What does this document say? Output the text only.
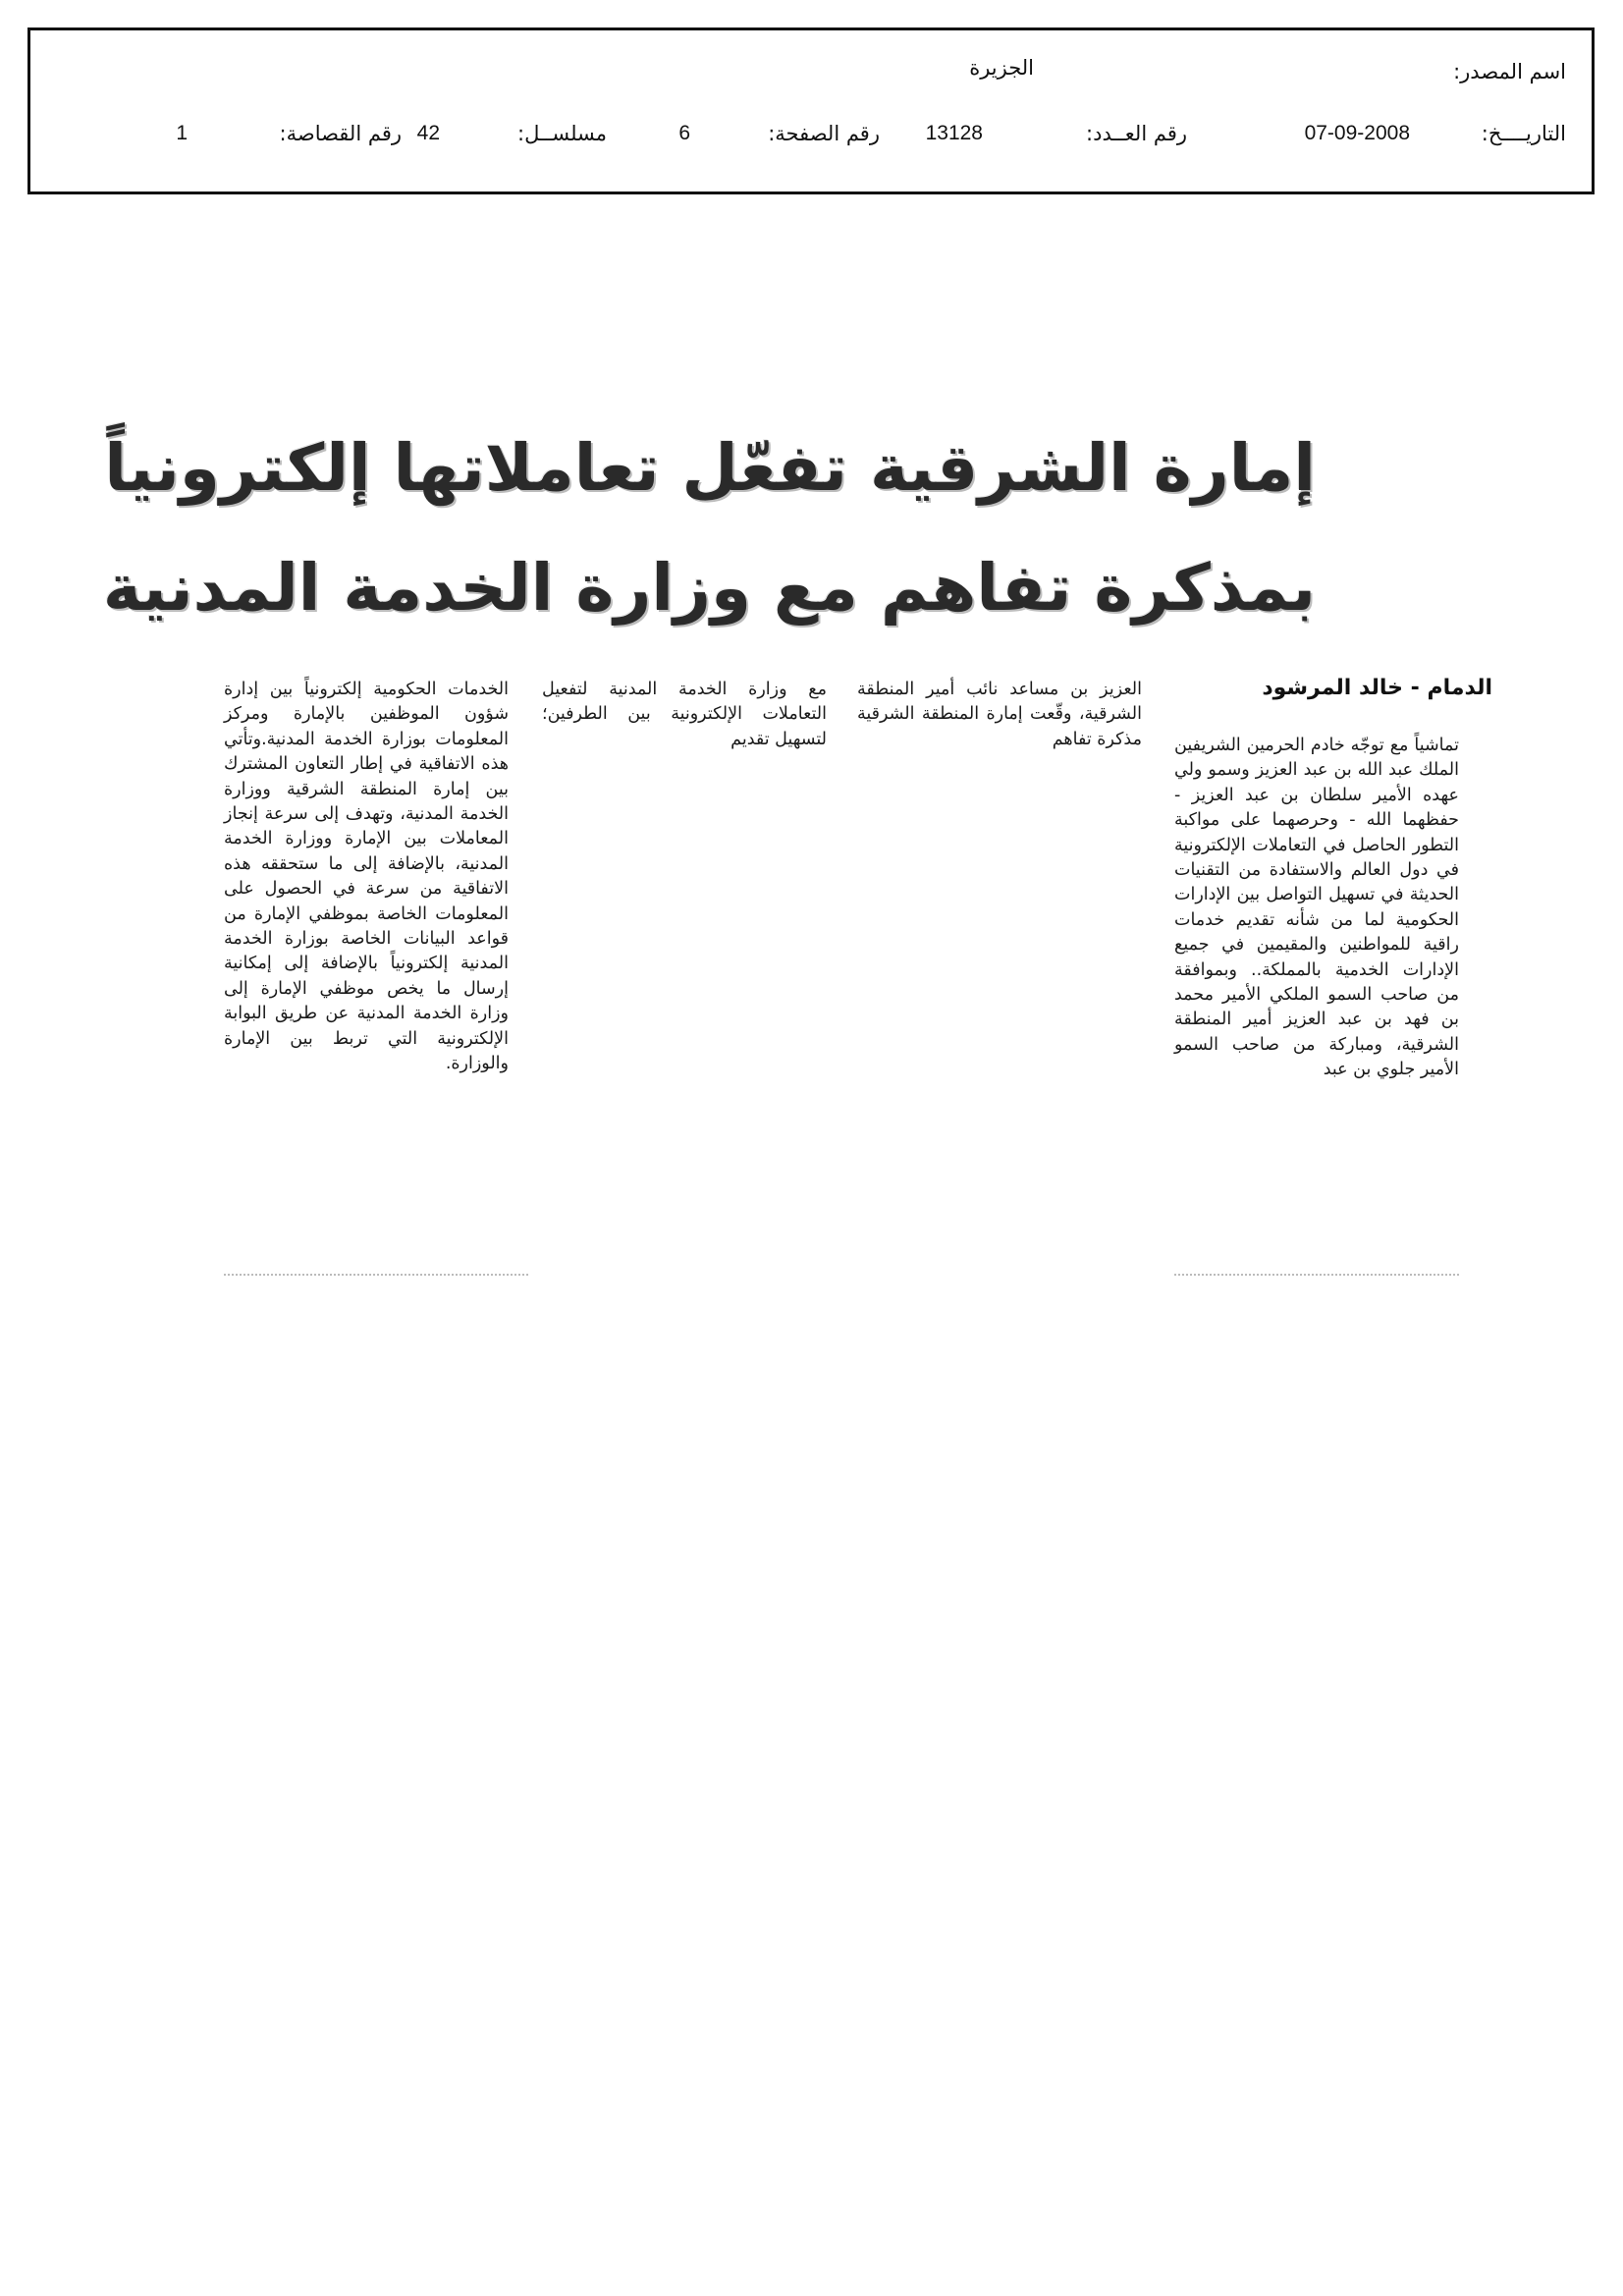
اسم المصدر:
الجزيرة
التاريــــخ:
07-09-2008
رقم العــدد:
13128
رقم الصفحة:
6
مسلســل:
42
رقم القصاصة:
1
إمارة الشرقية تفعّل تعاملاتها إلكترونياً
بمذكرة تفاهم مع وزارة الخدمة المدنية
الدمام - خالد المرشود
تماشياً مع توجّه خادم الحرمين الشريفين الملك عبد الله بن عبد العزيز وسمو ولي عهده الأمير سلطان بن عبد العزيز - حفظهما الله - وحرصهما على مواكبة التطور الحاصل في التعاملات الإلكترونية في دول العالم والاستفادة من التقنيات الحديثة في تسهيل التواصل بين الإدارات الحكومية لما من شأنه تقديم خدمات راقية للمواطنين والمقيمين في جميع الإدارات الخدمية بالمملكة.. وبموافقة من صاحب السمو الملكي الأمير محمد بن فهد بن عبد العزيز أمير المنطقة الشرقية، ومباركة من صاحب السمو الأمير جلوي بن عبد
العزيز بن مساعد نائب أمير المنطقة الشرقية، وقّعت إمارة المنطقة الشرقية مذكرة تفاهم
مع وزارة الخدمة المدنية لتفعيل التعاملات الإلكترونية بين الطرفين؛ لتسهيل تقديم
الخدمات الحكومية إلكترونياً بين إدارة شؤون الموظفين بالإمارة ومركز المعلومات بوزارة الخدمة المدنية.وتأتي هذه الاتفاقية في إطار التعاون المشترك بين إمارة المنطقة الشرقية ووزارة الخدمة المدنية، وتهدف إلى سرعة إنجاز المعاملات بين الإمارة ووزارة الخدمة المدنية، بالإضافة إلى ما ستحققه هذه الاتفاقية من سرعة في الحصول على المعلومات الخاصة بموظفي الإمارة من قواعد البيانات الخاصة بوزارة الخدمة المدنية إلكترونياً بالإضافة إلى إمكانية إرسال ما يخص موظفي الإمارة إلى وزارة الخدمة المدنية عن طريق البوابة الإلكترونية التي تربط بين الإمارة والوزارة.
